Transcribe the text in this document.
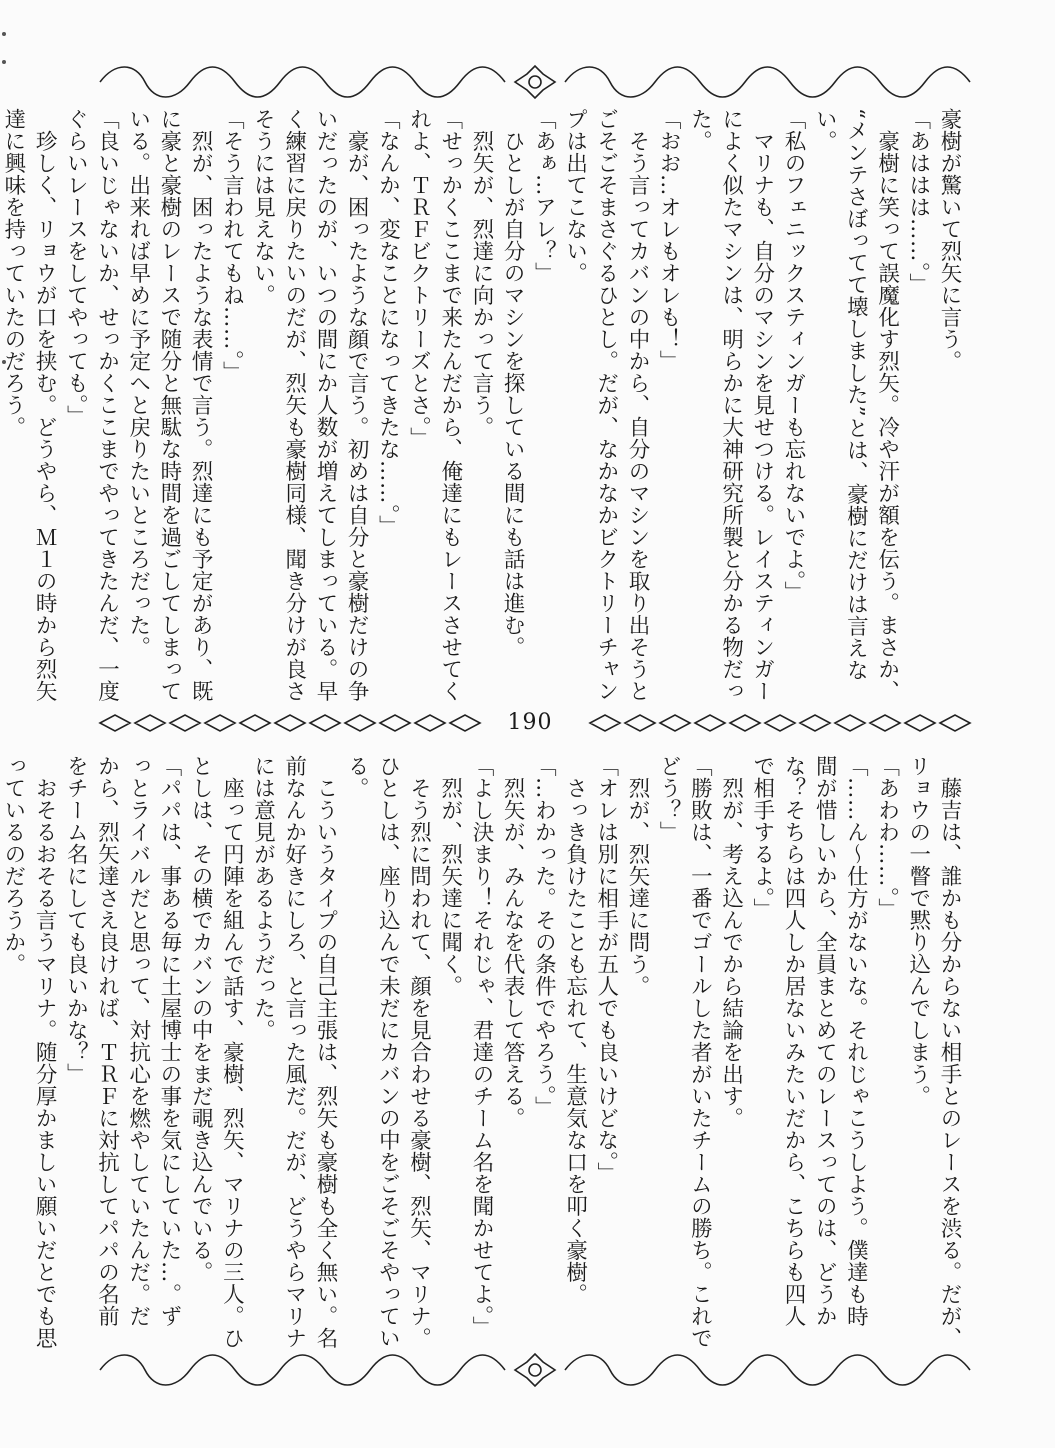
豪樹が驚いて烈矢に言う。
「あははは……。」
　豪樹に笑って誤魔化す烈矢。冷や汗が額を伝う。まさか、
“メンテさぼってて壊しました”とは、豪樹にだけは言えな
い。
「私のフェニックスティンガーも忘れないでよ。」
　マリナも、自分のマシンを見せつける。レイスティンガー
によく似たマシンは、明らかに大神研究所製と分かる物だっ
た。
「おお…オレもオレも！」
　そう言ってカバンの中から、自分のマシンを取り出そうと
ごそごそまさぐるひとし。だが、なかなかビクトリーチャン
プは出てこない。
「あぁ…アレ？」
　ひとしが自分のマシンを探している間にも話は進む。
　烈矢が、烈達に向かって言う。
「せっかくここまで来たんだから、俺達にもレースさせてく
れよ、ＴＲＦビクトリーズとさ。」
「なんか、変なことになってきたな……。」
　豪が、困ったような顔で言う。初めは自分と豪樹だけの争
いだったのが、いつの間にか人数が増えてしまっている。早
く練習に戻りたいのだが、烈矢も豪樹同様、聞き分けが良さ
そうには見えない。
「そう言われてもね……。」
　烈が、困ったような表情で言う。烈達にも予定があり、既
に豪と豪樹のレースで随分と無駄な時間を過ごしてしまって
いる。出来れば早めに予定へと戻りたいところだった。
「良いじゃないか、せっかくここまでやってきたんだ、一度
ぐらいレースをしてやっても。」
　珍しく、リョウが口を挟む。どうやら、Ｍ１の時から烈矢
達に興味を持っていたのだろう。
190
　藤吉は、誰かも分からない相手とのレースを渋る。だが、
リョウの一瞥で黙り込んでしまう。
「あわわ……。」
「……ん〜仕方がないな。それじゃこうしよう。僕達も時
間が惜しいから、全員まとめてのレースってのは、どうか
な？そちらは四人しか居ないみたいだから、こちらも四人
で相手するよ。」
　烈が、考え込んでから結論を出す。
「勝敗は、一番でゴールした者がいたチームの勝ち。これで
どう？」
　烈が、烈矢達に問う。
「オレは別に相手が五人でも良いけどな。」
　さっき負けたことも忘れて、生意気な口を叩く豪樹。
「…わかった。その条件でやろう。」
　烈矢が、みんなを代表して答える。
「よし決まり！それじゃ、君達のチーム名を聞かせてよ。」
　烈が、烈矢達に聞く。
　そう烈に問われて、顔を見合わせる豪樹、烈矢、マリナ。
ひとしは、座り込んで未だにカバンの中をごそごそやってい
る。
　こういうタイプの自己主張は、烈矢も豪樹も全く無い。名
前なんか好きにしろ、と言った風だ。だが、どうやらマリナ
には意見があるようだった。
　座って円陣を組んで話す、豪樹、烈矢、マリナの三人。ひ
としは、その横でカバンの中をまだ覗き込んでいる。
「パパは、事ある毎に土屋博士の事を気にしていた…。ず
っとライバルだと思って、対抗心を燃やしていたんだ。だ
から、烈矢達さえ良ければ、ＴＲＦに対抗してパパの名前
をチーム名にしても良いかな？」
　おそるおそる言うマリナ。随分厚かましい願いだとでも思
っているのだろうか。
